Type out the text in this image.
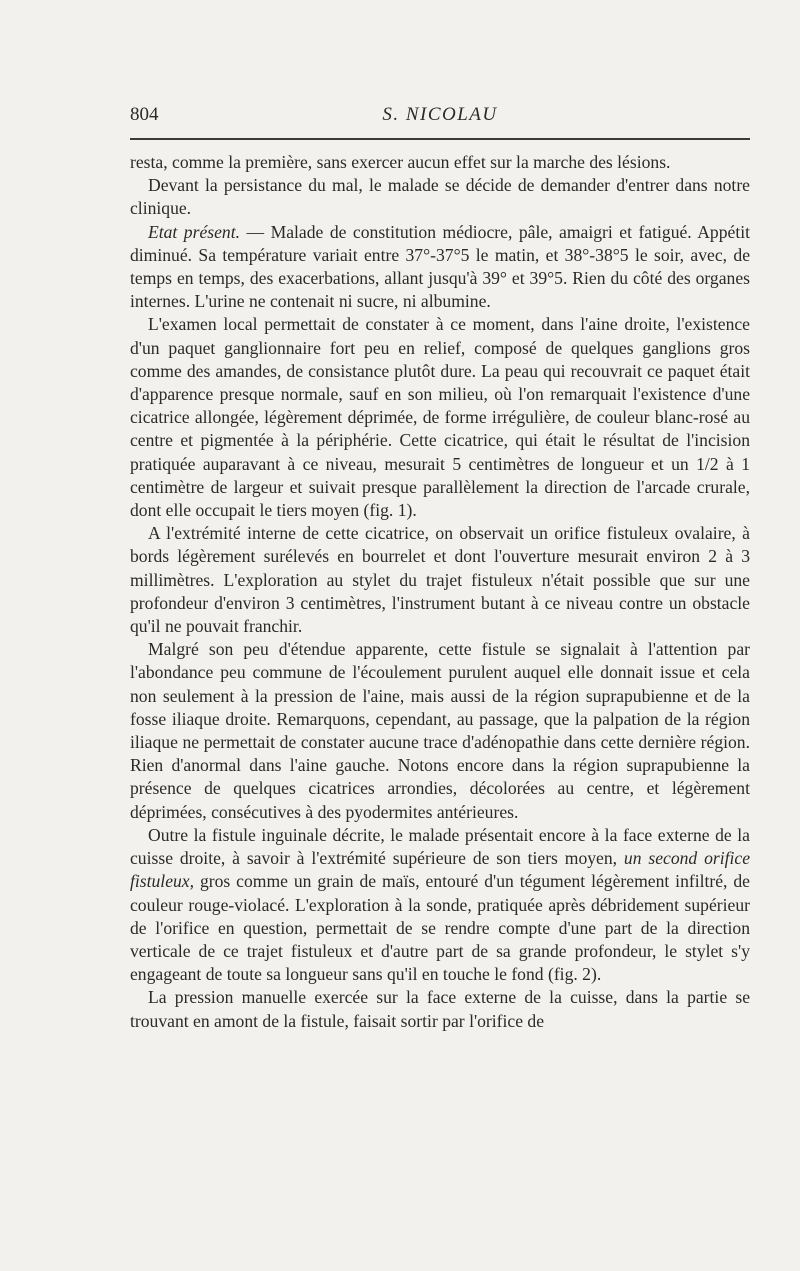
804	S. NICOLAU

resta, comme la première, sans exercer aucun effet sur la marche des lésions.

Devant la persistance du mal, le malade se décide de demander d'entrer dans notre clinique.

Etat présent. — Malade de constitution médiocre, pâle, amaigri et fatigué. Appétit diminué. Sa température variait entre 37°-37°5 le matin, et 38°-38°5 le soir, avec, de temps en temps, des exacerbations, allant jusqu'à 39° et 39°5. Rien du côté des organes internes. L'urine ne contenait ni sucre, ni albumine.

L'examen local permettait de constater à ce moment, dans l'aine droite, l'existence d'un paquet ganglionnaire fort peu en relief, composé de quelques ganglions gros comme des amandes, de consistance plutôt dure. La peau qui recouvrait ce paquet était d'apparence presque normale, sauf en son milieu, où l'on remarquait l'existence d'une cicatrice allongée, légèrement déprimée, de forme irrégulière, de couleur blanc-rosé au centre et pigmentée à la périphérie. Cette cicatrice, qui était le résultat de l'incision pratiquée auparavant à ce niveau, mesurait 5 centimètres de longueur et un 1/2 à 1 centimètre de largeur et suivait presque parallèlement la direction de l'arcade crurale, dont elle occupait le tiers moyen (fig. 1).

A l'extrémité interne de cette cicatrice, on observait un orifice fistuleux ovalaire, à bords légèrement surélevés en bourrelet et dont l'ouverture mesurait environ 2 à 3 millimètres. L'exploration au stylet du trajet fistuleux n'était possible que sur une profondeur d'environ 3 centimètres, l'instrument butant à ce niveau contre un obstacle qu'il ne pouvait franchir.

Malgré son peu d'étendue apparente, cette fistule se signalait à l'attention par l'abondance peu commune de l'écoulement purulent auquel elle donnait issue et cela non seulement à la pression de l'aine, mais aussi de la région suprapubienne et de la fosse iliaque droite. Remarquons, cependant, au passage, que la palpation de la région iliaque ne permettait de constater aucune trace d'adénopathie dans cette dernière région. Rien d'anormal dans l'aine gauche. Notons encore dans la région suprapubienne la présence de quelques cicatrices arrondies, décolorées au centre, et légèrement déprimées, consécutives à des pyodermites antérieures.

Outre la fistule inguinale décrite, le malade présentait encore à la face externe de la cuisse droite, à savoir à l'extrémité supérieure de son tiers moyen, un second orifice fistuleux, gros comme un grain de maïs, entouré d'un tégument légèrement infiltré, de couleur rouge-violacé. L'exploration à la sonde, pratiquée après débridement supérieur de l'orifice en question, permettait de se rendre compte d'une part de la direction verticale de ce trajet fistuleux et d'autre part de sa grande profondeur, le stylet s'y engageant de toute sa longueur sans qu'il en touche le fond (fig. 2).

La pression manuelle exercée sur la face externe de la cuisse, dans la partie se trouvant en amont de la fistule, faisait sortir par l'orifice de
